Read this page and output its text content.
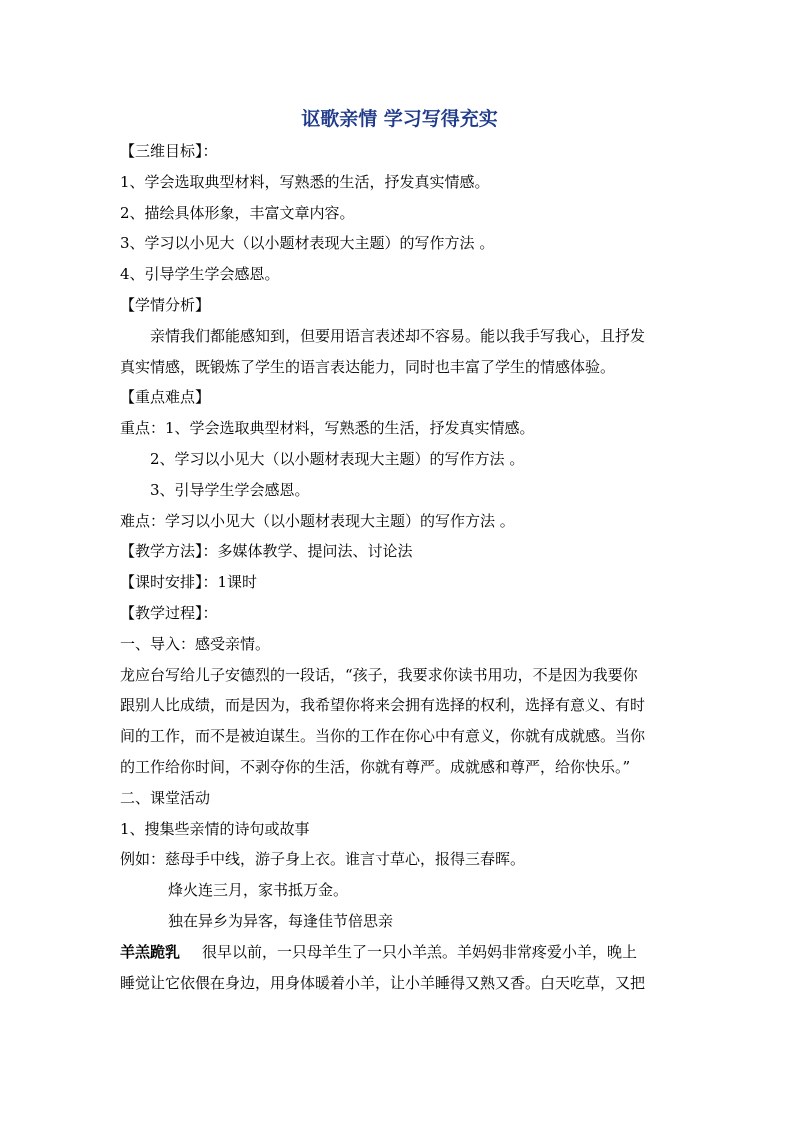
讴歌亲情 学习写得充实
【三维目标】：
1、学会选取典型材料，写熟悉的生活，抒发真实情感。
2、描绘具体形象，丰富文章内容。
3、学习以小见大（以小题材表现大主题）的写作方法 。
4、引导学生学会感恩。
【学情分析】
亲情我们都能感知到，但要用语言表述却不容易。能以我手写我心，且抒发
真实情感，既锻炼了学生的语言表达能力，同时也丰富了学生的情感体验。
【重点难点】
重点：1、学会选取典型材料，写熟悉的生活，抒发真实情感。
2、学习以小见大（以小题材表现大主题）的写作方法 。
3、引导学生学会感恩。
难点：学习以小见大（以小题材表现大主题）的写作方法 。
【教学方法】：多媒体教学、提问法、讨论法
【课时安排】：1课时
【教学过程】：
一、导入：感受亲情。
龙应台写给儿子安德烈的一段话，“孩子，我要求你读书用功，不是因为我要你
跟别人比成绩，而是因为，我希望你将来会拥有选择的权利，选择有意义、有时
间的工作，而不是被迫谋生。当你的工作在你心中有意义，你就有成就感。当你
的工作给你时间，不剥夺你的生活，你就有尊严。成就感和尊严，给你快乐。”
二、课堂活动
1、搜集些亲情的诗句或故事
例如：慈母手中线，游子身上衣。谁言寸草心，报得三春晖。
烽火连三月，家书抵万金。
独在异乡为异客，每逢佳节倍思亲
羊羔跪乳 很早以前，一只母羊生了一只小羊羔。羊妈妈非常疼爱小羊，晚上
睡觉让它依偎在身边，用身体暖着小羊，让小羊睡得又熟又香。白天吃草，又把
